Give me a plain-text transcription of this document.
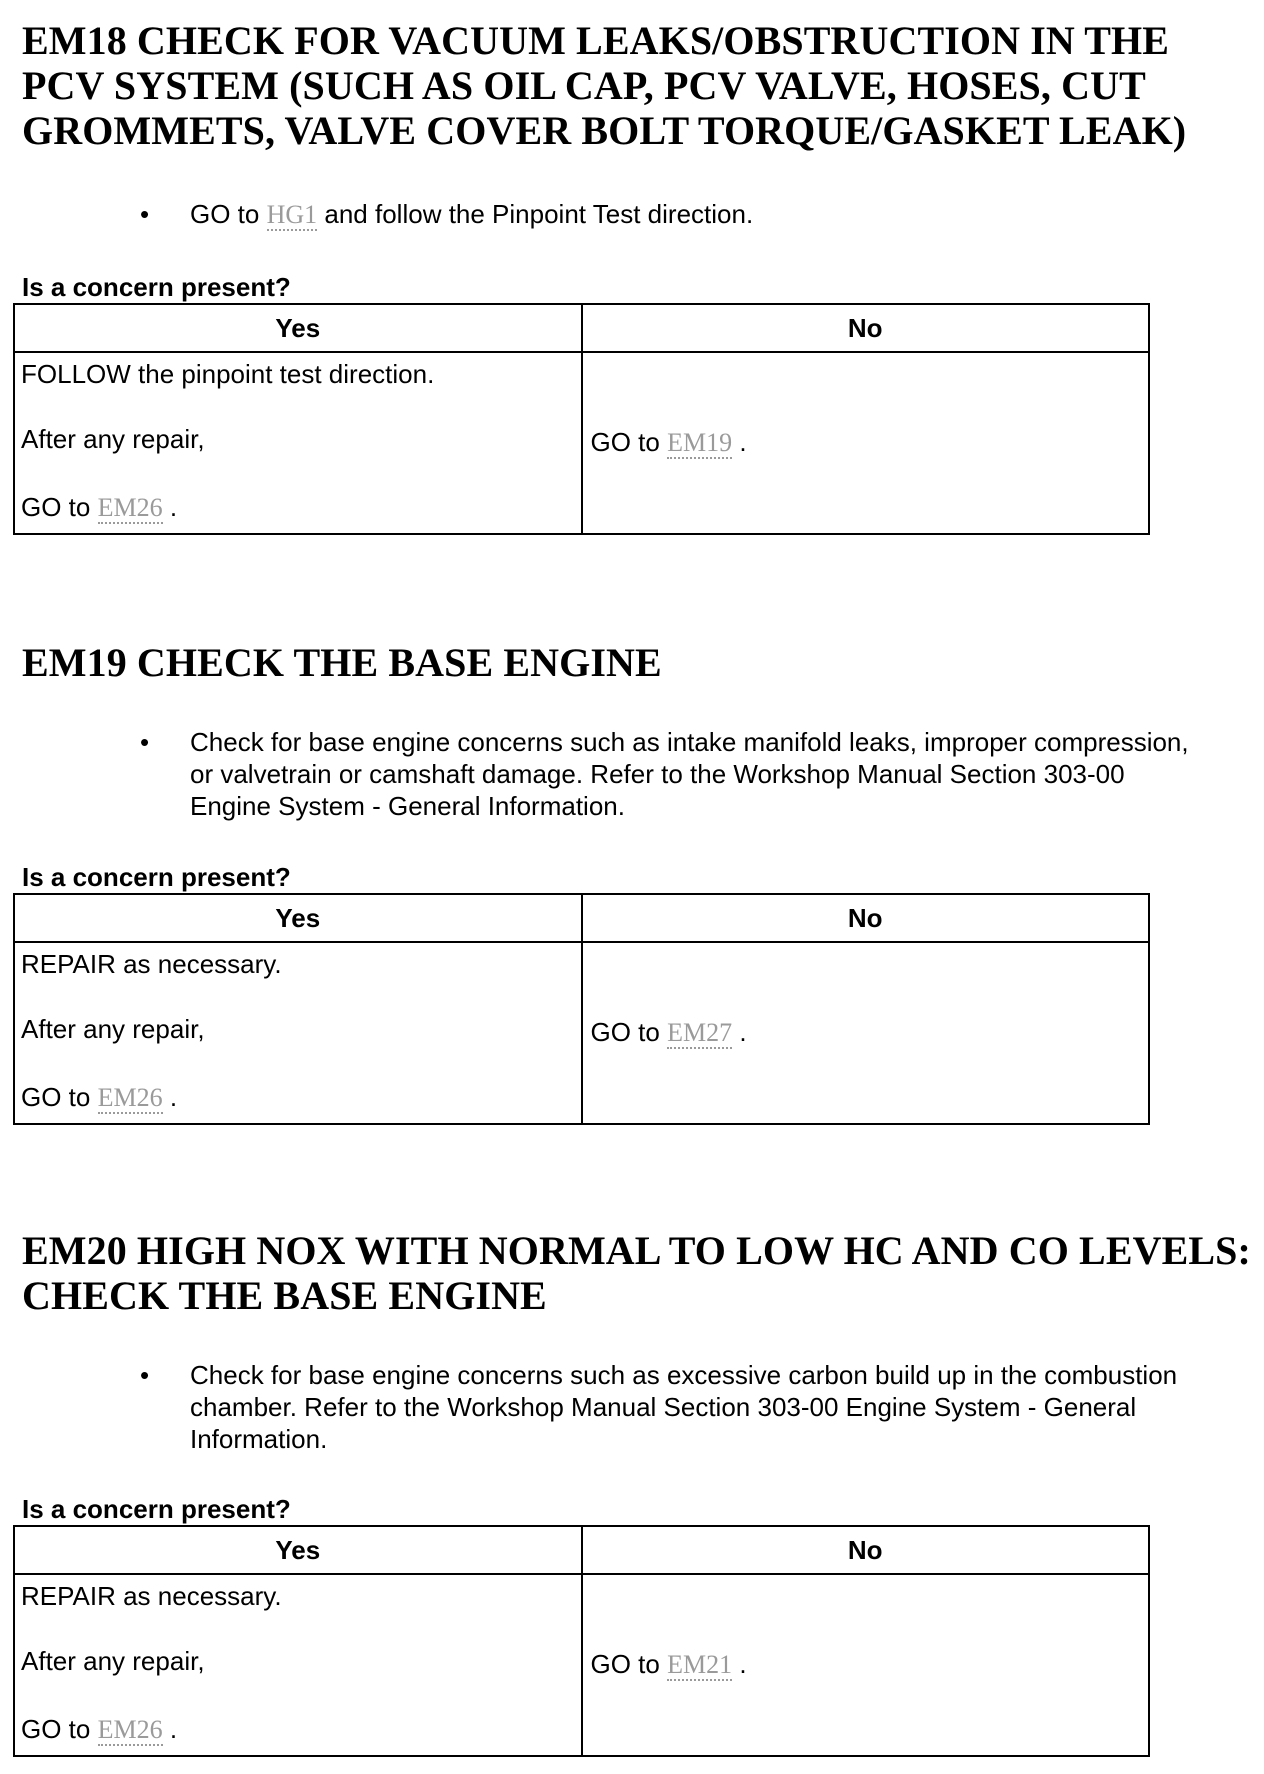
EM18 CHECK FOR VACUUM LEAKS/OBSTRUCTION IN THE PCV SYSTEM (SUCH AS OIL CAP, PCV VALVE, HOSES, CUT GROMMETS, VALVE COVER BOLT TORQUE/GASKET LEAK)
• GO to HG1 and follow the Pinpoint Test direction.
Is a concern present?
Yes	No

FOLLOW the pinpoint test direction.
After any repair,
GO to EM26 .	GO to EM19 .
EM19 CHECK THE BASE ENGINE
• Check for base engine concerns such as intake manifold leaks, improper compression, or valvetrain or camshaft damage. Refer to the Workshop Manual Section 303-00 Engine System - General Information.
Is a concern present?
Yes	No

REPAIR as necessary.
After any repair,
GO to EM26 .	GO to EM27 .
EM20 HIGH NOX WITH NORMAL TO LOW HC AND CO LEVELS: CHECK THE BASE ENGINE
• Check for base engine concerns such as excessive carbon build up in the combustion chamber. Refer to the Workshop Manual Section 303-00 Engine System - General Information.
Is a concern present?
Yes	No

REPAIR as necessary.
After any repair,
GO to EM26 .	GO to EM21 .
